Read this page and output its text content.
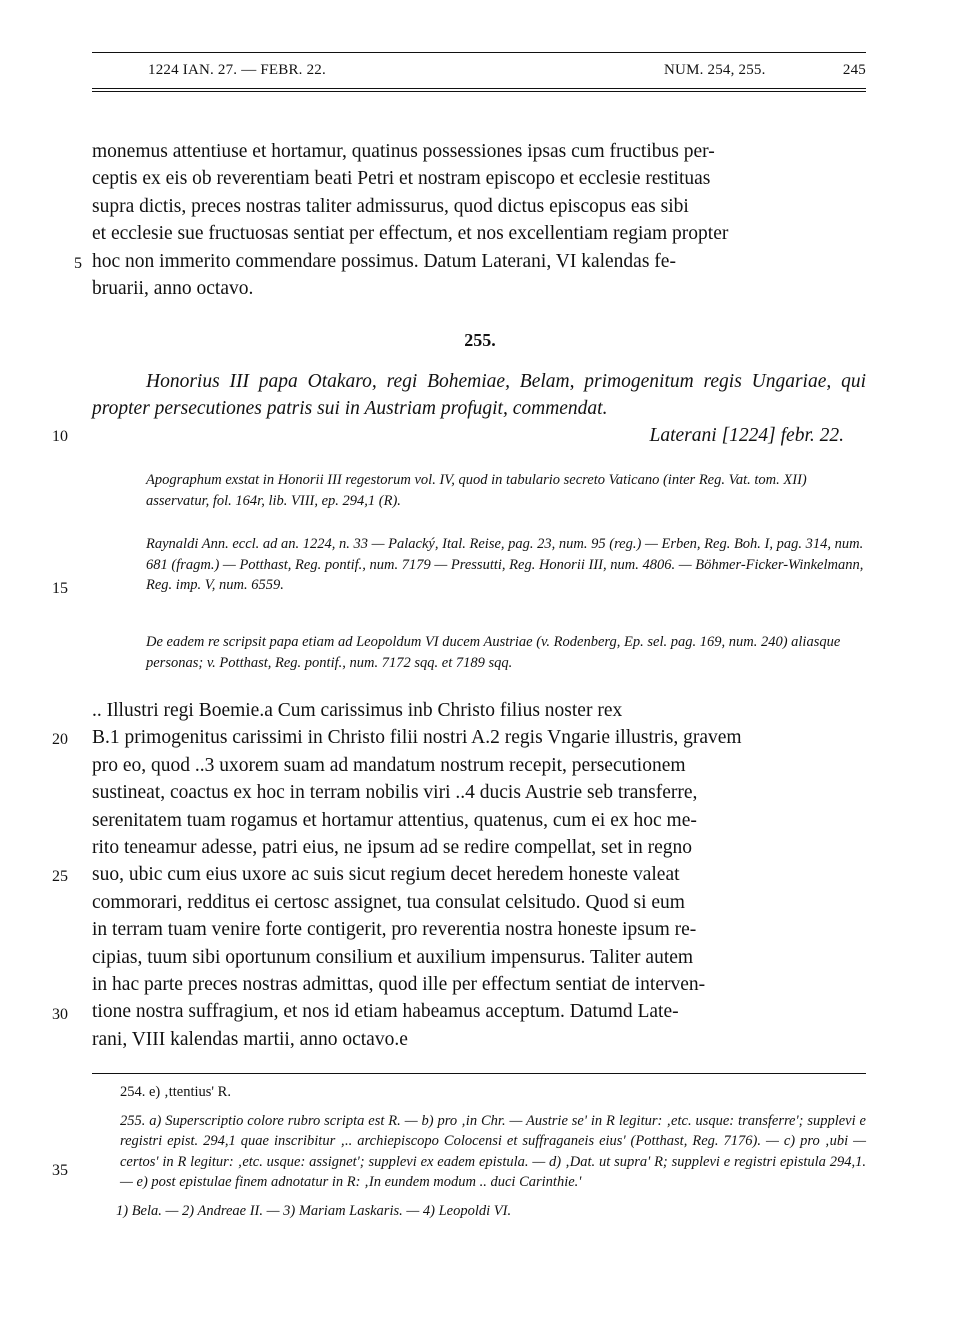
1224 IAN. 27. — FEBR. 22.	NUM. 254, 255.	245
monemus attentiuse et hortamur, quatinus possessiones ipsas cum fructibus per-
ceptis ex eis ob reverentiam beati Petri et nostram episcopo et ecclesie restituas
supra dictis, preces nostras taliter admissurus, quod dictus episcopus eas sibi
et ecclesie sue fructuosas sentiat per effectum, et nos excellentiam regiam propter
hoc non immerito commendare possimus. Datum Laterani, VI kalendas fe-
bruarii, anno octavo.
5
10
15
20
25
30
35
255.
Honorius III papa Otakaro, regi Bohemiae, Belam, primogenitum regis Ungariae, qui propter persecutiones patris sui in Austriam profugit, commendat.
Laterani [1224] febr. 22.
Apographum exstat in Honorii III regestorum vol. IV, quod in tabulario secreto Vaticano (inter Reg. Vat. tom. XII) asservatur, fol. 164r, lib. VIII, ep. 294,1 (R).
Raynaldi Ann. eccl. ad an. 1224, n. 33 — Palacký, Ital. Reise, pag. 23, num. 95 (reg.) — Erben, Reg. Boh. I, pag. 314, num. 681 (fragm.) — Potthast, Reg. pontif., num. 7179 — Pressutti, Reg. Honorii III, num. 4806. — Böhmer-Ficker-Winkelmann, Reg. imp. V, num. 6559.
De eadem re scripsit papa etiam ad Leopoldum VI ducem Austriae (v. Rodenberg, Ep. sel. pag. 169, num. 240) aliasque personas; v. Potthast, Reg. pontif., num. 7172 sqq. et 7189 sqq.
.. Illustri regi Boemie.a Cum carissimus inb Christo filius noster rex
B.1 primogenitus carissimi in Christo filii nostri A.2 regis Vngarie illustris, gravem
pro eo, quod ..3 uxorem suam ad mandatum nostrum recepit, persecutionem
sustineat, coactus ex hoc in terram nobilis viri ..4 ducis Austrie seb transferre,
serenitatem tuam rogamus et hortamur attentius, quatenus, cum ei ex hoc me-
rito teneamur adesse, patri eius, ne ipsum ad se redire compellat, set in regno
suo, ubic cum eius uxore ac suis sicut regium decet heredem honeste valeat
commorari, redditus ei certosc assignet, tua consulat celsitudo. Quod si eum
in terram tuam venire forte contigerit, pro reverentia nostra honeste ipsum re-
cipias, tuum sibi oportunum consilium et auxilium impensurus. Taliter autem
in hac parte preces nostras admittas, quod ille per effectum sentiat de interven-
tione nostra suffragium, et nos id etiam habeamus acceptum. Datumd Late-
rani, VIII kalendas martii, anno octavo.e
254. e) ‚ttentius' R.
255. a) Superscriptio colore rubro scripta est R. — b) pro ‚in Chr. — Austrie se' in R legitur: ‚etc. usque: transferre'; supplevi e registri epist. 294,1 quae inscribitur ‚.. archiepiscopo Colocensi et suffraganeis eius' (Potthast, Reg. 7176). — c) pro ‚ubi — certos' in R legitur: ‚etc. usque: assignet'; supplevi ex eadem epistula. — d) ‚Dat. ut supra' R; supplevi e registri epistula 294,1. — e) post epistulae finem adnotatur in R: ‚In eundem modum .. duci Carinthie.'
1) Bela. — 2) Andreae II. — 3) Mariam Laskaris. — 4) Leopoldi VI.
